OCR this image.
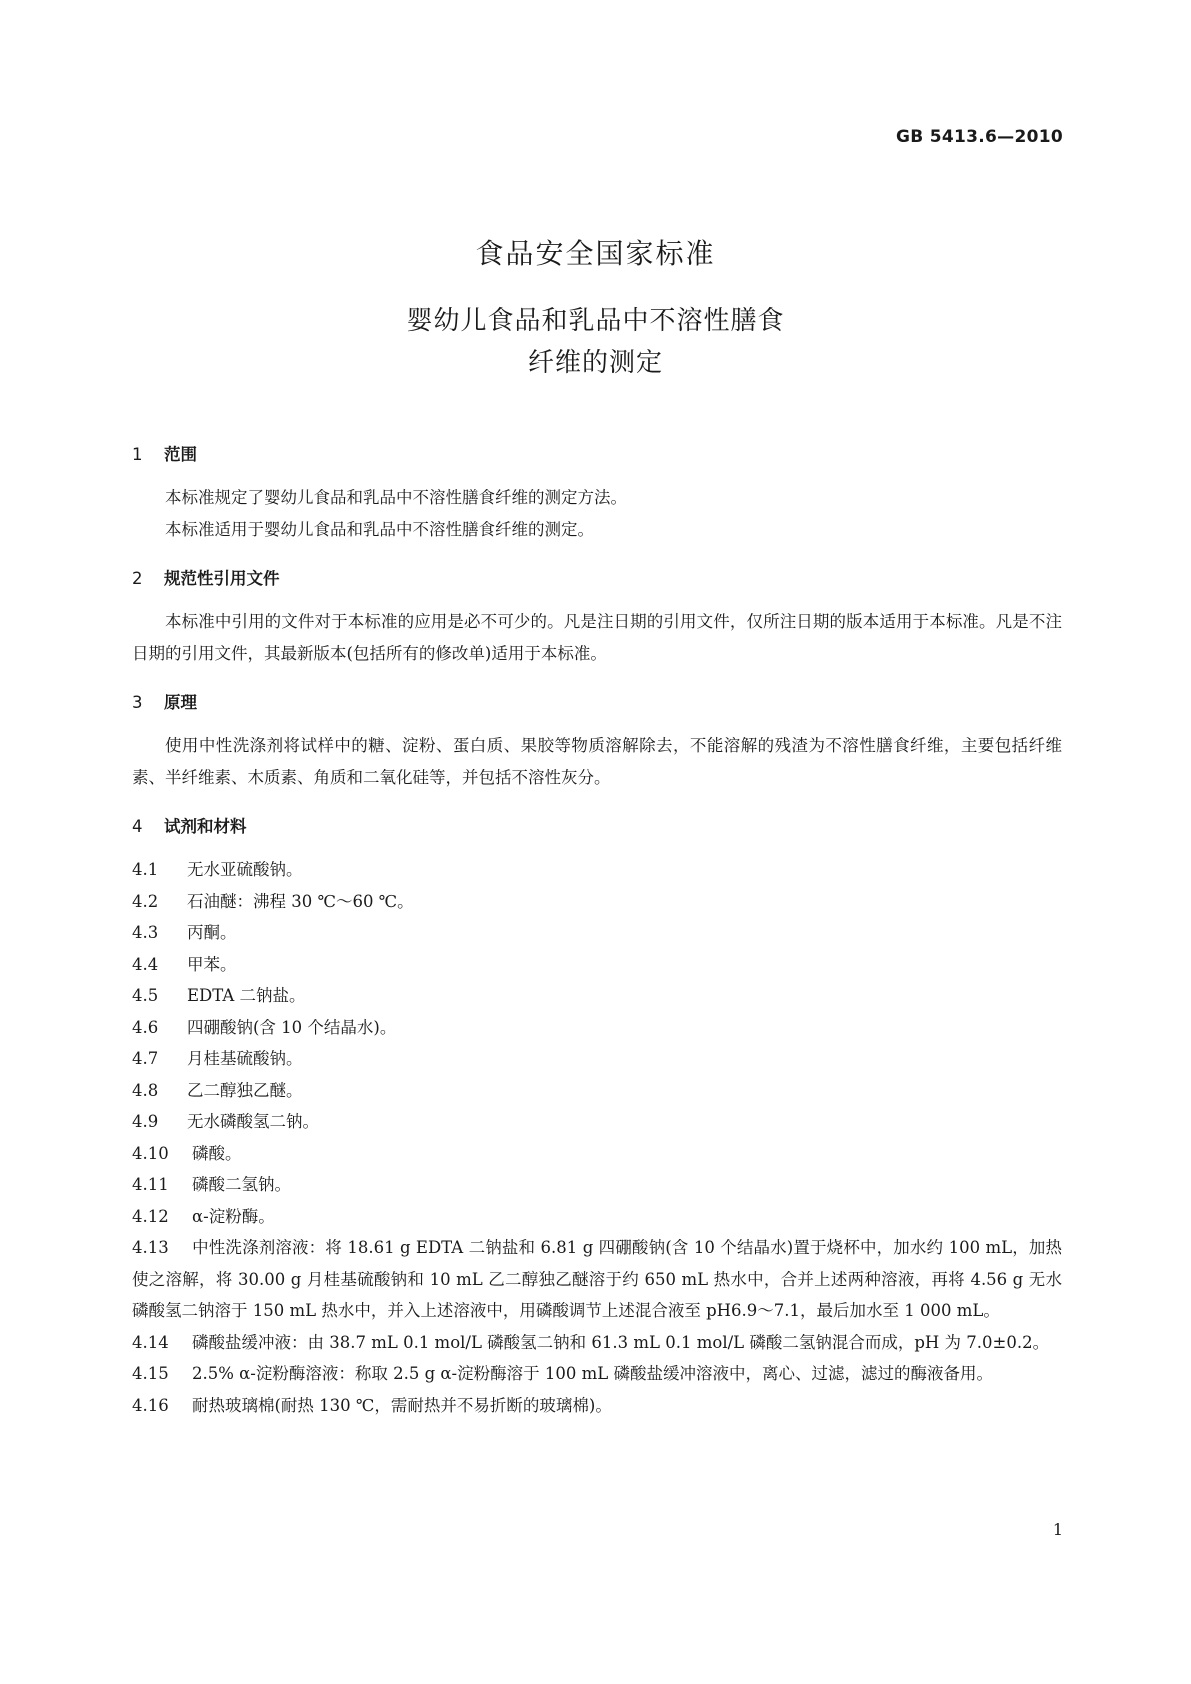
GB 5413.6—2010
食品安全国家标准
婴幼儿食品和乳品中不溶性膳食
纤维的测定
1 范围

本标准规定了婴幼儿食品和乳品中不溶性膳食纤维的测定方法。

本标准适用于婴幼儿食品和乳品中不溶性膳食纤维的测定。

2 规范性引用文件

本标准中引用的文件对于本标准的应用是必不可少的。凡是注日期的引用文件，仅所注日期的版本适用于本标准。凡是不注日期的引用文件，其最新版本(包括所有的修改单)适用于本标准。

3 原理

使用中性洗涤剂将试样中的糖、淀粉、蛋白质、果胶等物质溶解除去，不能溶解的残渣为不溶性膳食纤维，主要包括纤维素、半纤维素、木质素、角质和二氧化硅等，并包括不溶性灰分。

4 试剂和材料

4.1 无水亚硫酸钠。

4.2 石油醚：沸程 30 ℃～60 ℃。

4.3 丙酮。

4.4 甲苯。

4.5 EDTA 二钠盐。

4.6 四硼酸钠(含 10 个结晶水)。

4.7 月桂基硫酸钠。

4.8 乙二醇独乙醚。

4.9 无水磷酸氢二钠。

4.10 磷酸。

4.11 磷酸二氢钠。

4.12 α-淀粉酶。

4.13 中性洗涤剂溶液：将 18.61 g EDTA 二钠盐和 6.81 g 四硼酸钠(含 10 个结晶水)置于烧杯中，加水约 100 mL，加热使之溶解，将 30.00 g 月桂基硫酸钠和 10 mL 乙二醇独乙醚溶于约 650 mL 热水中，合并上述两种溶液，再将 4.56 g 无水磷酸氢二钠溶于 150 mL 热水中，并入上述溶液中，用磷酸调节上述混合液至 pH6.9～7.1，最后加水至 1 000 mL。

4.14 磷酸盐缓冲液：由 38.7 mL 0.1 mol/L 磷酸氢二钠和 61.3 mL 0.1 mol/L 磷酸二氢钠混合而成，pH 为 7.0±0.2。

4.15 2.5% α-淀粉酶溶液：称取 2.5 g α-淀粉酶溶于 100 mL 磷酸盐缓冲溶液中，离心、过滤，滤过的酶液备用。

4.16 耐热玻璃棉(耐热 130 ℃，需耐热并不易折断的玻璃棉)。

1
